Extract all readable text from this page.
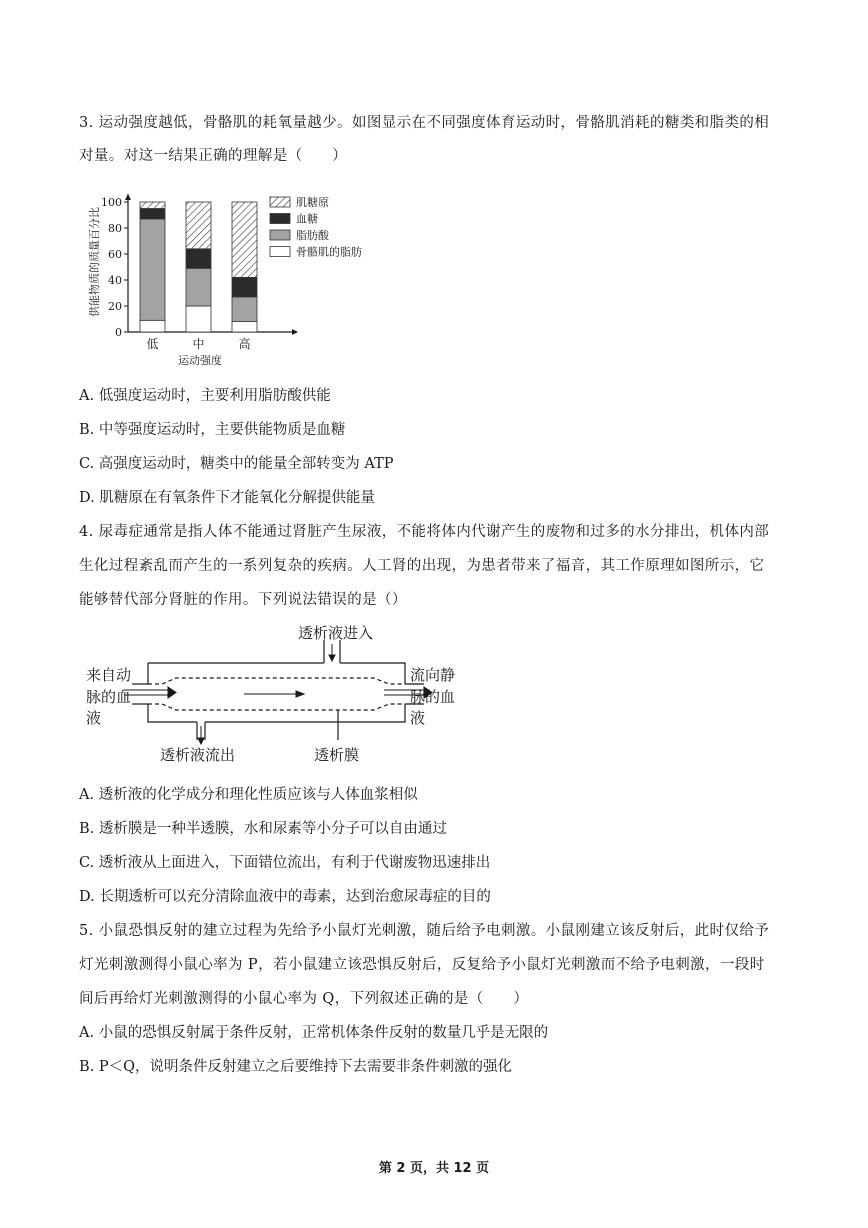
3. 运动强度越低，骨骼肌的耗氧量越少。如图显示在不同强度体育运动时，骨骼肌消耗的糖类和脂类的相
对量。对这一结果正确的理解是（　　）
供能物质的质量百分比
0
20
40
60
80
100
低	中	高
运动强度
肌糖原
血糖
脂肪酸
骨骼肌的脂肪
A. 低强度运动时，主要利用脂肪酸供能
B. 中等强度运动时，主要供能物质是血糖
C. 高强度运动时，糖类中的能量全部转变为 ATP
D. 肌糖原在有氧条件下才能氧化分解提供能量
4. 尿毒症通常是指人体不能通过肾脏产生尿液，不能将体内代谢产生的废物和过多的水分排出，机体内部
生化过程紊乱而产生的一系列复杂的疾病。人工肾的出现，为患者带来了福音，其工作原理如图所示，它
能够替代部分肾脏的作用。下列说法错误的是（）
透析液进入
来自动
脉的血
液
流向静
脉的血
液
透析液流出	透析膜
A. 透析液的化学成分和理化性质应该与人体血浆相似
B. 透析膜是一种半透膜，水和尿素等小分子可以自由通过
C. 透析液从上面进入，下面错位流出，有利于代谢废物迅速排出
D. 长期透析可以充分清除血液中的毒素，达到治愈尿毒症的目的
5. 小鼠恐惧反射的建立过程为先给予小鼠灯光刺激，随后给予电刺激。小鼠刚建立该反射后，此时仅给予
灯光刺激测得小鼠心率为 P，若小鼠建立该恐惧反射后，反复给予小鼠灯光刺激而不给予电刺激，一段时
间后再给灯光刺激测得的小鼠心率为 Q，下列叙述正确的是（　　）
A. 小鼠的恐惧反射属于条件反射，正常机体条件反射的数量几乎是无限的
B. P＜Q，说明条件反射建立之后要维持下去需要非条件刺激的强化
第 2 页，共 12 页
